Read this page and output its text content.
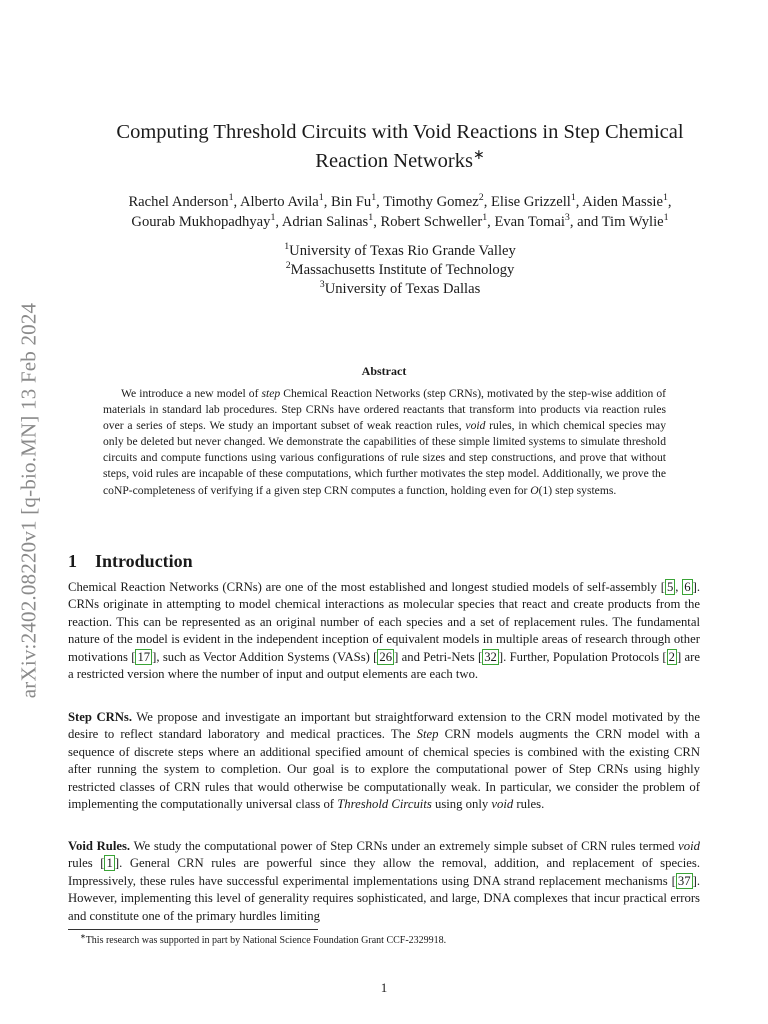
arXiv:2402.08220v1 [q-bio.MN] 13 Feb 2024
Computing Threshold Circuits with Void Reactions in Step Chemical
Reaction Networks∗
Rachel Anderson$^1$, Alberto Avila$^1$, Bin Fu$^1$, Timothy Gomez$^2$, Elise Grizzell$^1$, Aiden Massie$^1$,
Gourab Mukhopadhyay$^1$, Adrian Salinas$^1$, Robert Schweller$^1$, Evan Tomai$^3$, and Tim Wylie$^1$
$^1$University of Texas Rio Grande Valley
$^2$Massachusetts Institute of Technology
$^3$University of Texas Dallas
Abstract

We introduce a new model of step Chemical Reaction Networks (step CRNs), motivated by the step-wise addition of materials in standard lab procedures. Step CRNs have ordered reactants that transform into products via reaction rules over a series of steps. We study an important subset of weak reaction rules, void rules, in which chemical species may only be deleted but never changed. We demonstrate the capabilities of these simple limited systems to simulate threshold circuits and compute functions using various configurations of rule sizes and step constructions, and prove that without steps, void rules are incapable of these computations, which further motivates the step model. Additionally, we prove the coNP-completeness of verifying if a given step CRN computes a function, holding even for O(1) step systems.

1 Introduction

Chemical Reaction Networks (CRNs) are one of the most established and longest studied models of self-assembly [ 5 , 6 ]. CRNs originate in attempting to model chemical interactions as molecular species that react and create products from the reaction. This can be represented as an original number of each species and a set of replacement rules. The fundamental nature of the model is evident in the independent inception of equivalent models in multiple areas of research through other motivations [ 17 ], such as Vector Addition Systems (VASs) [ 26 ] and Petri-Nets [ 32 ]. Further, Population Protocols [ 2 ] are a restricted version where the number of input and output elements are each two.

Step CRNs. We propose and investigate an important but straightforward extension to the CRN model motivated by the desire to reflect standard laboratory and medical practices. The Step CRN models augments the CRN model with a sequence of discrete steps where an additional specified amount of chemical species is combined with the existing CRN after running the system to completion. Our goal is to explore the computational power of Step CRNs using highly restricted classes of CRN rules that would otherwise be computationally weak. In particular, we consider the problem of implementing the computationally universal class of Threshold Circuits using only void rules.

Void Rules. We study the computational power of Step CRNs under an extremely simple subset of CRN rules termed void rules [ 1 ]. General CRN rules are powerful since they allow the removal, addition, and replacement of species. Impressively, these rules have successful experimental implementations using DNA strand replacement mechanisms [ 37 ]. However, implementing this level of generality requires sophisticated, and large, DNA complexes that incur practical errors and constitute one of the primary hurdles limiting

∗This research was supported in part by National Science Foundation Grant CCF-2329918.
1
